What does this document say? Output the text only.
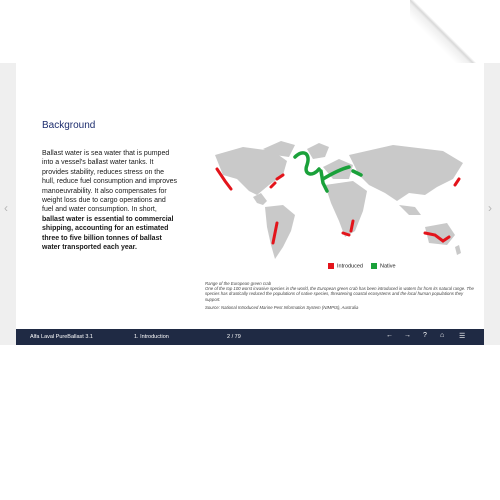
‹	›
Background
Ballast water is sea water that is pumped into a vessel's ballast water tanks. It provides stability, reduces stress on the hull, reduce fuel consumption and improves manoeuvrability. It also compensates for weight loss due to cargo operations and fuel and water consumption. In short, ballast water is essential to commercial shipping, accounting for an estimated three to five billion tonnes of ballast water transported each year.
Introduced	Native

Range of the European green crab

One of the top 100 worst invasive species in the world, the European green crab has been introduced in waters far from its natural range. The species has drastically reduced the populations of native species, threatening coastal ecosystems and the local human populations they support.

Source: National Introduced Marine Pest Information System (NIMPIS), Australia

Alfa Laval PureBallast 3.1	1. Introduction	2 / 79	← → ? ⌂ ☰
